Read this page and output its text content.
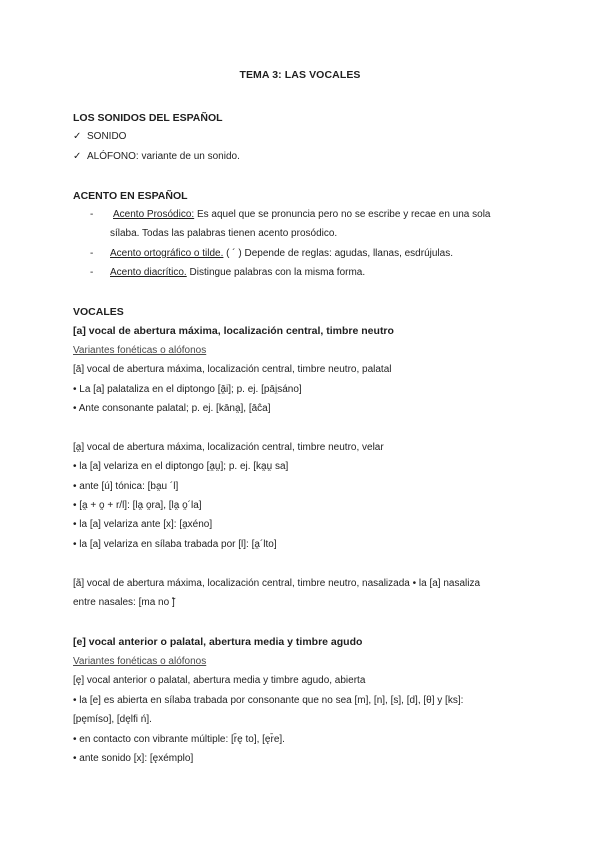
TEMA 3: LAS VOCALES
LOS SONIDOS DEL ESPAÑOL
✓ SONIDO
✓ ALÓFONO: variante de un sonido.
ACENTO EN ESPAÑOL
-	Acento Prosódico: Es aquel que se pronuncia pero no se escribe y recae en una sola
sílaba. Todas las palabras tienen acento prosódico.
- Acento ortográfico o tilde. ( ´ ) Depende de reglas: agudas, llanas, esdrújulas.
- Acento diacrítico. Distingue palabras con la misma forma.
VOCALES
[a] vocal de abertura máxima, localización central, timbre neutro
Variantes fonéticas o alófonos
[ā] vocal de abertura máxima, localización central, timbre neutro, palatal
• La [a] palataliza en el diptongo [ā̯i]; p. ej. [pāi̯sáno]
• Ante consonante palatal; p. ej. [kāna̯], [āĉa]
[a̯] vocal de abertura máxima, localización central, timbre neutro, velar
• la [a] velariza en el diptongo [a̯u̯]; p. ej. [ka̯u̯ sa]
• ante [ú] tónica: [ba̯u ´l]
• [a̯ + o̯ + r/l]: [la̯ o̯ra], [la̯ o̯´la]
• la [a] velariza ante [x]: [a̯xéno]
• la [a] velariza en sílaba trabada por [l]: [a̯´lto]
[ã] vocal de abertura máxima, localización central, timbre neutro, nasalizada • la [a] nasaliza
entre nasales: [ma no ̃]
[e] vocal anterior o palatal, abertura media y timbre agudo
Variantes fonéticas o alófonos
[ę] vocal anterior o palatal, abertura media y timbre agudo, abierta
• la [e] es abierta en sílaba trabada por consonante que no sea [m], [n], [s], [d], [θ] y [ks]:
[pęmíso], [dęlfi ń].
• en contacto con vibrante múltiple: [r̄ę to], [ęr̄e].
• ante sonido [x]: [ęxémplo]
